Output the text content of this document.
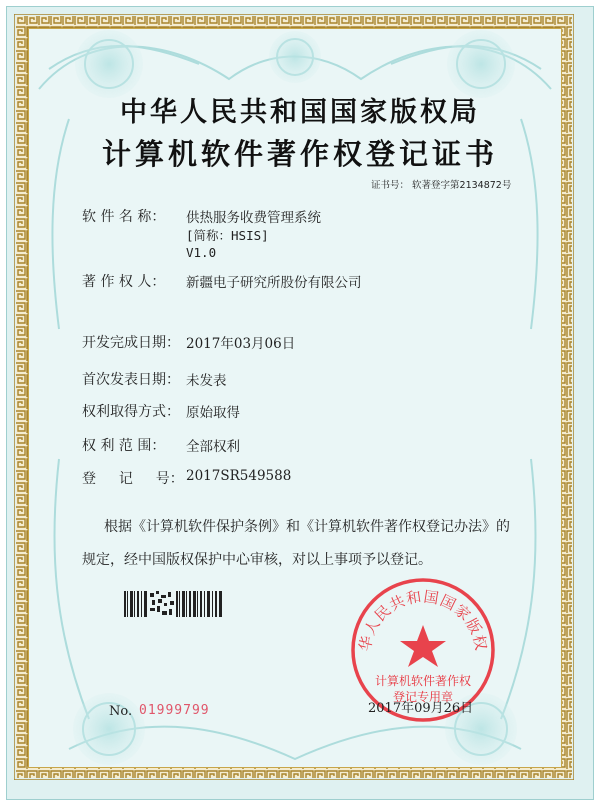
中华人民共和国国家版权局
计算机软件著作权登记证书
证书号： 软著登字第2134872号
软 件 名 称： 供热服务收费管理系统
[简称：HSIS]
V1.0
著 作 权 人： 新疆电子研究所股份有限公司
开发完成日期： 2017年03月06日
首次发表日期： 未发表
权利取得方式： 原始取得
权 利 范 围： 全部权利
登 　 记 　 号： 2017SR549588
根据《计算机软件保护条例》和《计算机软件著作权登记办法》的
规定，经中国版权保护中心审核，对以上事项予以登记。
华人民共和国国家版权
计算机软件著作权
登记专用章
No. 01999799	2017年09月26日
